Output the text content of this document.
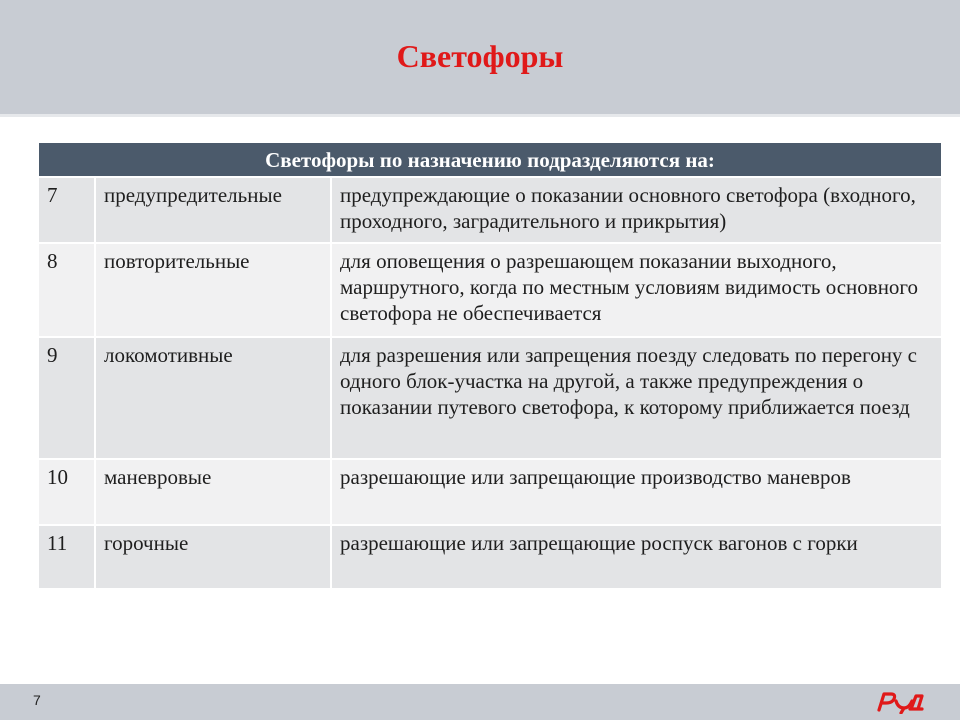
Светофоры
Светофоры по назначению подразделяются на:		
7	предупредительные	предупреждающие о показании основного светофора (входного, проходного, заградительного и прикрытия)
8	повторительные	для оповещения о разрешающем показании выходного, маршрутного, когда по местным условиям видимость основного светофора не обеспечивается
9	локомотивные	для разрешения или запрещения поезду следовать по перегону с одного блок-участка на другой, а также предупреждения о показании путевого светофора, к которому приближается поезд
10	маневровые	разрешающие или запрещающие производство маневров
11	горочные	разрешающие или запрещающие роспуск вагонов с горки
7
